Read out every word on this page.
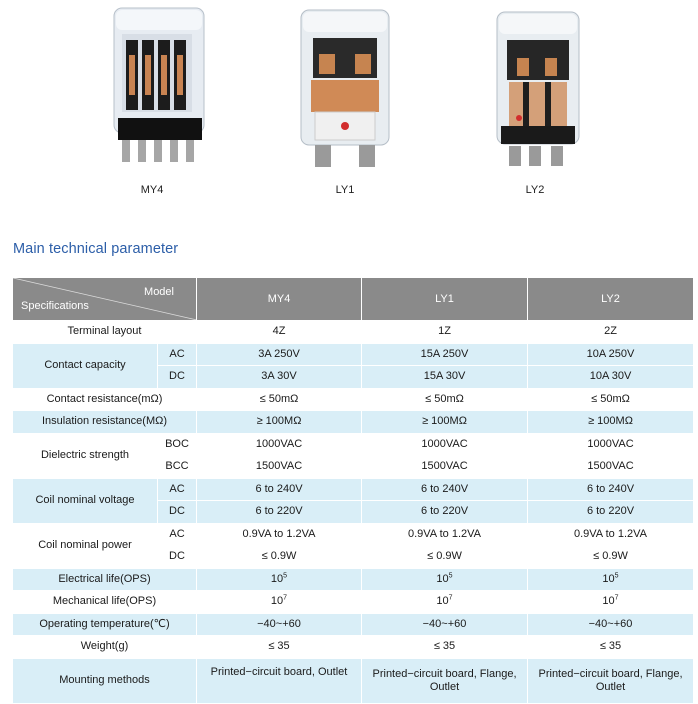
MY4	LY1	LY2
Main technical parameter
Model
Specifications		MY4	LY1	LY2
Terminal layout		4Z	1Z	2Z
Contact capacity	AC	3A 250V	15A 250V	10A 250V
	DC	3A 30V	15A 30V	10A 30V
Contact resistance(mΩ)		≤ 50mΩ	≤ 50mΩ	≤ 50mΩ
Insulation resistance(MΩ)		≥ 100MΩ	≥ 100MΩ	≥ 100MΩ
Dielectric strength	BOC	1000VAC	1000VAC	1000VAC
	BCC	1500VAC	1500VAC	1500VAC
Coil nominal voltage	AC	6 to 240V	6 to 240V	6 to 240V
	DC	6 to 220V	6 to 220V	6 to 220V
Coil nominal power	AC	0.9VA to 1.2VA	0.9VA to 1.2VA	0.9VA to 1.2VA
	DC	≤ 0.9W	≤ 0.9W	≤ 0.9W
Electrical life(OPS)		$10^5$	$10^5$	$10^5$
Mechanical life(OPS)		$10^7$	$10^7$	$10^7$
Operating temperature(℃)		−40~+60	−40~+60	−40~+60
Weight(g)		≤ 35	≤ 35	≤ 35
Mounting methods		Printed−circuit board, Outlet	Printed−circuit board, Flange, Outlet	Printed−circuit board, Flange, Outlet
